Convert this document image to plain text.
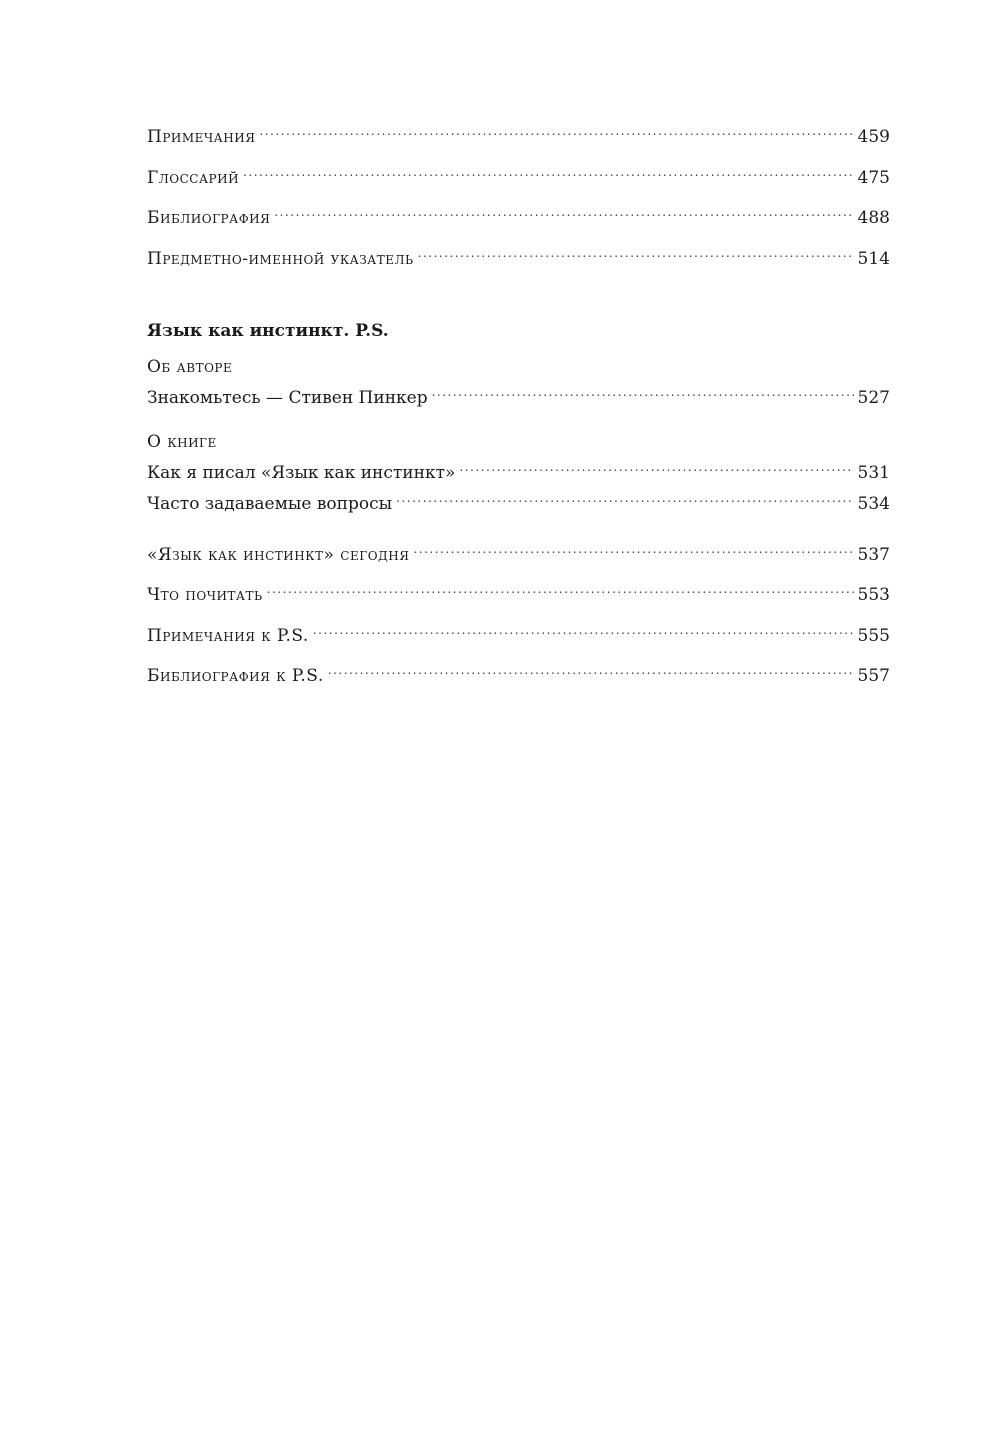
Примечания .....	459
Глоссарий .....	475
Библиография .....	488
Предметно-именной указатель .....	514
Язык как инстинкт. P.S.
Об авторе
Знакомьтесь — Стивен Пинкер .....	527
О книге
Как я писал «Язык как инстинкт» .....	531
Часто задаваемые вопросы .....	534
«Язык как инстинкт» сегодня .....	537
Что почитать .....	553
Примечания к P.S. .....	555
Библиография к P.S. .....	557
